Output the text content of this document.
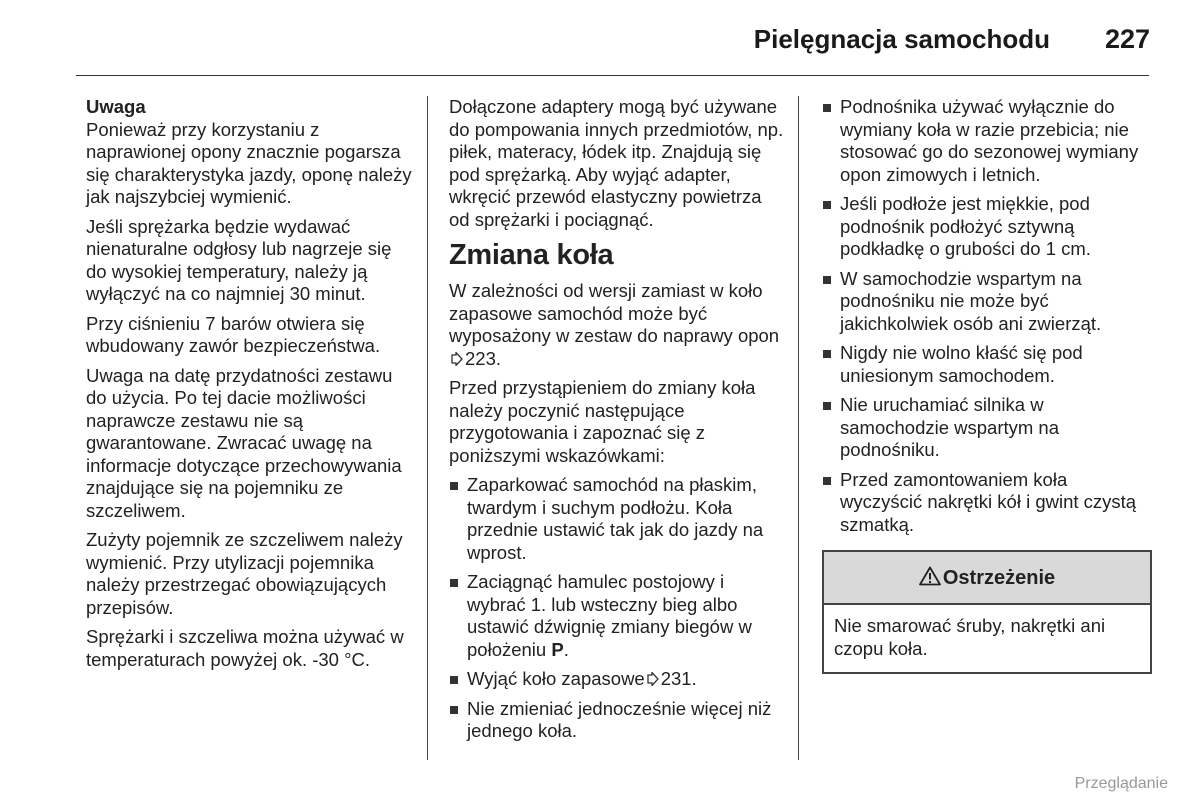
Pielęgnacja samochodu 227

Uwaga

Ponieważ przy korzystaniu z naprawionej opony znacznie pogarsza się charakterystyka jazdy, oponę należy jak najszybciej wymienić.

Jeśli sprężarka będzie wydawać nienaturalne odgłosy lub nagrzeje się do wysokiej temperatury, należy ją wyłączyć na co najmniej 30 minut.

Przy ciśnieniu 7 barów otwiera się wbudowany zawór bezpieczeństwa.

Uwaga na datę przydatności zestawu do użycia. Po tej dacie możliwości naprawcze zestawu nie są gwarantowane. Zwracać uwagę na informacje dotyczące przechowywania znajdujące się na pojemniku ze szczeliwem.

Zużyty pojemnik ze szczeliwem należy wymienić. Przy utylizacji pojemnika należy przestrzegać obowiązujących przepisów.

Sprężarki i szczeliwa można używać w temperaturach powyżej ok. -30 °C.

Dołączone adaptery mogą być używane do pompowania innych przedmiotów, np. piłek, materacy, łódek itp. Znajdują się pod sprężarką. Aby wyjąć adapter, wkręcić przewód elastyczny powietrza od sprężarki i pociągnąć.

Zmiana koła

W zależności od wersji zamiast w koło zapasowe samochód może być wyposażony w zestaw do naprawy opon223.

Przed przystąpieniem do zmiany koła należy poczynić następujące przygotowania i zapoznać się z poniższymi wskazówkami:

Zaparkować samochód na płaskim, twardym i suchym podłożu. Koła przednie ustawić tak jak do jazdy na wprost.
Zaciągnąć hamulec postojowy i wybrać 1. lub wsteczny bieg albo ustawić dźwignię zmiany biegów w położeniu P.
Wyjąć koło zapasowe 231.
Nie zmieniać jednocześnie więcej niż jednego koła.
Podnośnika używać wyłącznie do wymiany koła w razie przebicia; nie stosować go do sezonowej wymiany opon zimowych i letnich.
Jeśli podłoże jest miękkie, pod podnośnik podłożyć sztywną podkładkę o grubości do 1 cm.
W samochodzie wspartym na podnośniku nie może być jakichkolwiek osób ani zwierząt.
Nigdy nie wolno kłaść się pod uniesionym samochodem.
Nie uruchamiać silnika w samochodzie wspartym na podnośniku.
Przed zamontowaniem koła wyczyścić nakrętki kół i gwint czystą szmatką.
Ostrzeżenie
Nie smarować śruby, nakrętki ani czopu koła.
Przeglądanie
